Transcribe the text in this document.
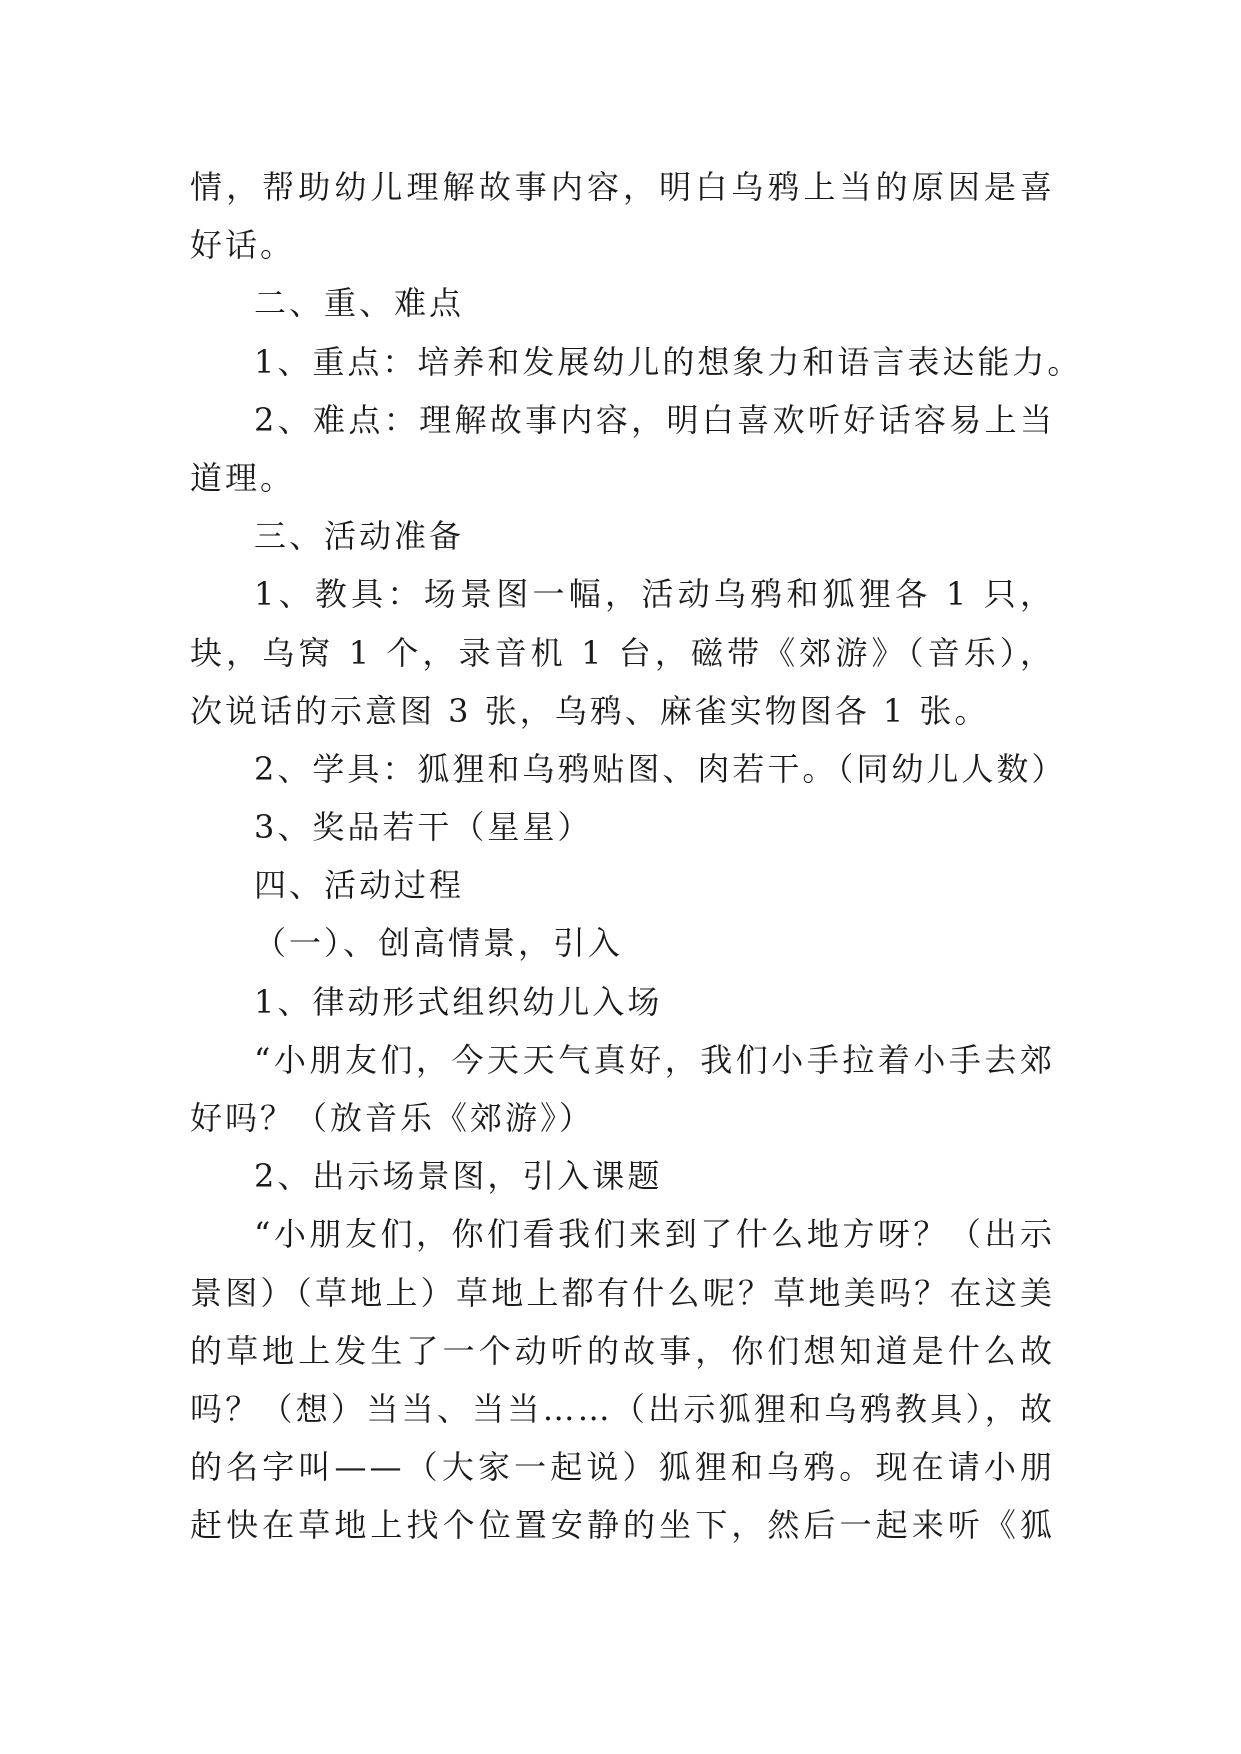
情，帮助幼儿理解故事内容，明白乌鸦上当的原因是喜
好话。
二、重、难点
1、重点：培养和发展幼儿的想象力和语言表达能力。
2、难点：理解故事内容，明白喜欢听好话容易上当
道理。
三、活动准备
1、教具：场景图一幅，活动乌鸦和狐狸各 1 只，
块，乌窝 1 个，录音机 1 台，磁带《郊游》（音乐），
次说话的示意图 3 张，乌鸦、麻雀实物图各 1 张。
2、学具：狐狸和乌鸦贴图、肉若干。（同幼儿人数）
3、奖品若干（星星）
四、活动过程
（一）、创高情景，引入
1、律动形式组织幼儿入场
“小朋友们，今天天气真好，我们小手拉着小手去郊
好吗？（放音乐《郊游》）
2、出示场景图，引入课题
“小朋友们，你们看我们来到了什么地方呀？（出示
景图）（草地上）草地上都有什么呢？草地美吗？在这美
的草地上发生了一个动听的故事，你们想知道是什么故
吗？（想）当当、当当……（出示狐狸和乌鸦教具），故
的名字叫——（大家一起说）狐狸和乌鸦。现在请小朋
赶快在草地上找个位置安静的坐下，然后一起来听《狐
